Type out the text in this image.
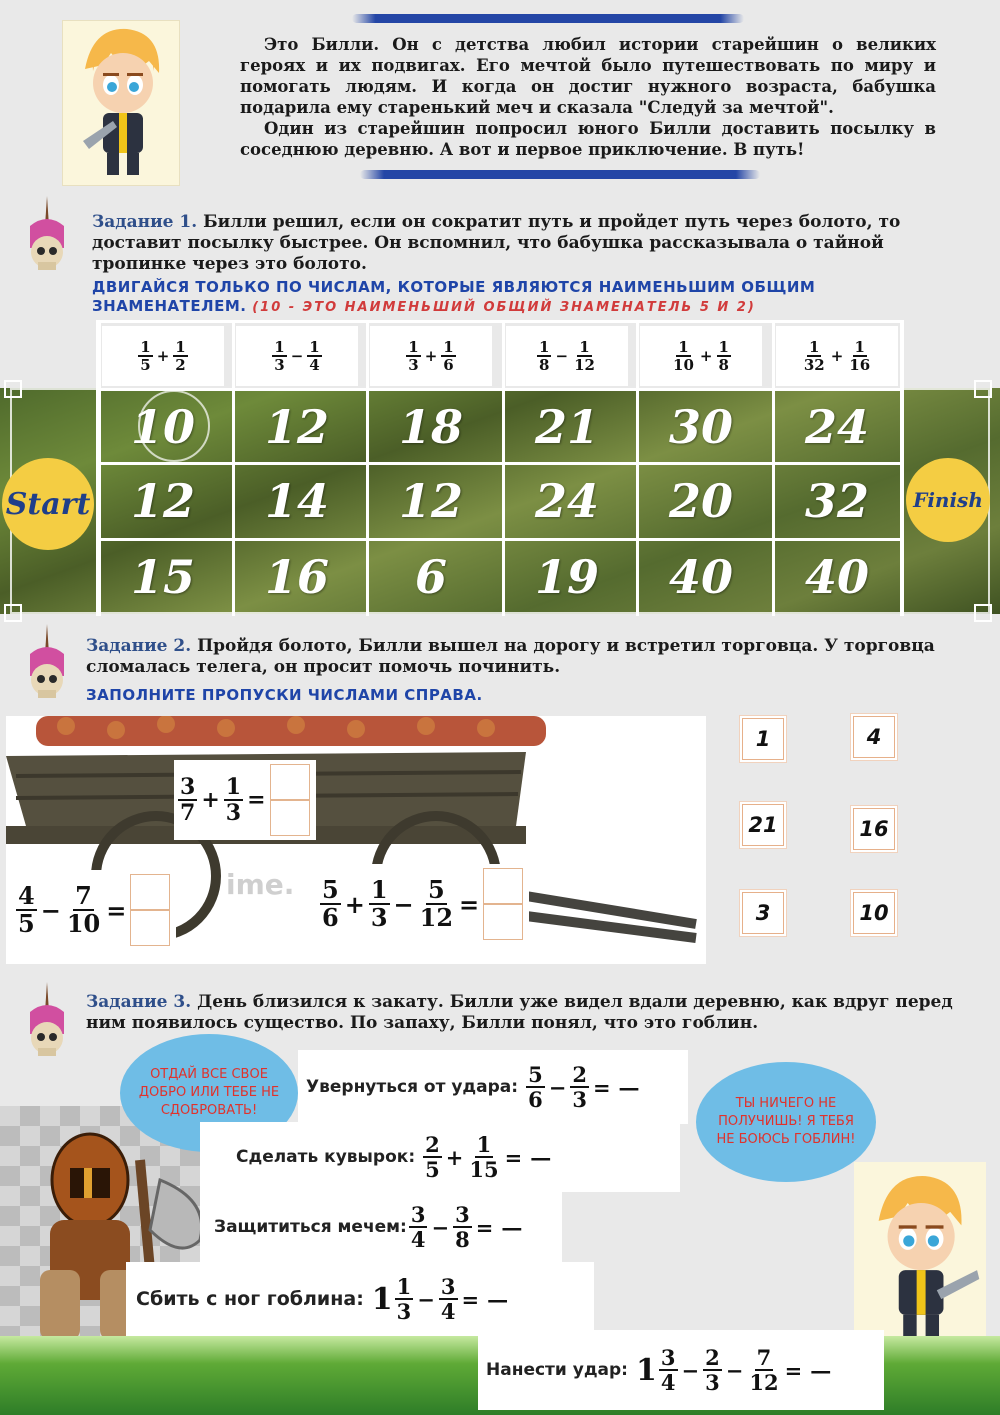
Это Билли. Он с детства любил истории старейшин о великих героях и их подвигах. Его мечтой было путешествовать по миру и помогать людям. И когда он достиг нужного возраста, бабушка подарила ему старенький меч и сказала "Следуй за мечтой".

Один из старейшин попросил юного Билли доставить посылку в соседнюю деревню. А вот и первое приключение. В путь!

Задание 1. Билли решил, если он сократит путь и пройдет путь через болото, то доставит посылку быстрее. Он вспомнил, что бабушка рассказывала о тайной тропинке через это болото.
ДВИГАЙСЯ ТОЛЬКО ПО ЧИСЛАМ, КОТОРЫЕ ЯВЛЯЮТСЯ НАИМЕНЬШИМ ОБЩИМ ЗНАМЕНАТЕЛЕМ. (10 - ЭТО НАИМЕНЬШИЙ ОБЩИЙ ЗНАМЕНАТЕЛЬ 5 И 2)
$\frac{1}{5} + \frac{1}{2}$	$\frac{1}{3} - \frac{1}{4}$	$\frac{1}{3} + \frac{1}{6}$	$\frac{1}{8} - \frac{1}{12}$	$\frac{1}{10} + \frac{1}{8}$	$\frac{1}{32} + \frac{1}{16}$
10	12	18	21	30	24
12	14	12	24	20	32
15	16	6	19	40	40
Start	Finish
Задание 2. Пройдя болото, Билли вышел на дорогу и встретил торговца. У торговца сломалась телега, он просит помочь починить.
ЗАПОЛНИТЕ ПРОПУСКИ ЧИСЛАМИ СПРАВА.
ime.
$\frac{3}{7} + \frac{1}{3}$ =
$\frac{4}{5} - \frac{7}{10}$ =	$\frac{5}{6} + \frac{1}{3} - \frac{5}{12}$ =
1	4
21	16
3	10
Задание 3. День близился к закату. Билли уже видел вдали деревню, как вдруг перед ним появилось существо. По запаху, Билли понял, что это гоблин.
ОТДАЙ ВСЕ СВОЕ ДОБРО ИЛИ ТЕБЕ НЕ СДОБРОВАТЬ!	ТЫ НИЧЕГО НЕ ПОЛУЧИШЬ! Я ТЕБЯ НЕ БОЮСЬ ГОБЛИН!
Увернуться от удара: $\frac{5}{6} - \frac{2}{3}$ = —
Сделать кувырок: $\frac{2}{5} + \frac{1}{15}$ = —
Защититься мечем: $\frac{3}{4} - \frac{3}{8}$ = —
Сбить с ног гоблина: $1 \frac{1}{3} - \frac{3}{4}$ = —
Нанести удар: $1 \frac{3}{4} - \frac{2}{3} - \frac{7}{12}$ = —
